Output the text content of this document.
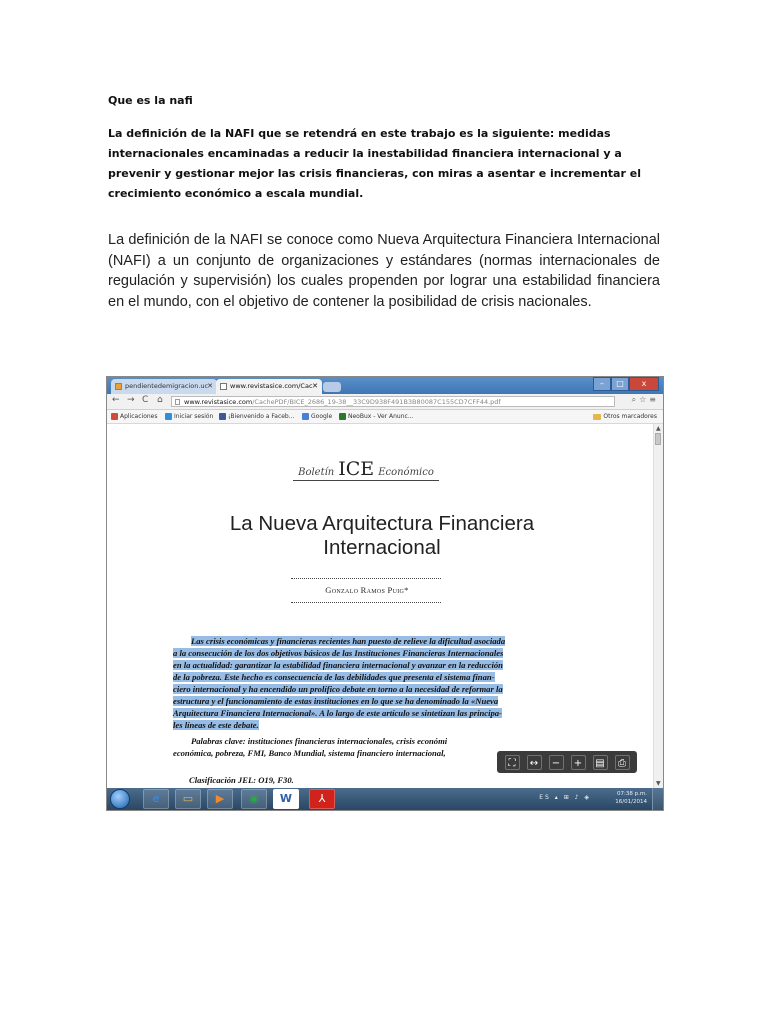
Que es la nafi
La definición de la NAFI que se retendrá en este trabajo es la siguiente: medidas internacionales encaminadas a reducir la inestabilidad financiera internacional y a prevenir y gestionar mejor las crisis financieras, con miras a asentar e incrementar el crecimiento económico a escala mundial.
La definición de la NAFI se conoce como Nueva Arquitectura Financiera Internacional (NAFI) a un conjunto de organizaciones y estándares (normas internacionales de regulación y supervisión) los cuales propenden por lograr una estabilidad financiera en el mundo, con el objetivo de contener la posibilidad de crisis nacionales.
pendientedemigracion.uc ✕	www.revistasice.com/Cac ✕	–	□	x
← → C ⌂	www.revistasice.com/CachePDF/BICE_2686_19-38__33C9D938F491B3B80087C155CD7CFF44.pdf	⌕☆≡
Aplicaciones	Iniciar sesión	¡Bienvenido a Faceb...	Google	NeoBux - Ver Anunc...	Otros marcadores
Boletín ICE Económico
La Nueva Arquitectura Financiera
Internacional
Gonzalo Ramos Puig*
Las crisis económicas y financieras recientes han puesto de relieve la dificultad asociada
a la consecución de los dos objetivos básicos de las Instituciones Financieras Internacionales
en la actualidad: garantizar la estabilidad financiera internacional y avanzar en la reducción
de la pobreza. Este hecho es consecuencia de las debilidades que presenta el sistema finan-
ciero internacional y ha encendido un prolífico debate en torno a la necesidad de reformar la
estructura y el funcionamiento de estas instituciones en lo que se ha denominado la «Nueva
Arquitectura Financiera Internacional». A lo largo de este artículo se sintetizan las principa-
les líneas de este debate.
Palabras clave: instituciones financieras internacionales, crisis económi
económica, pobreza, FMI, Banco Mundial, sistema financiero internacional,
Clasificación JEL: O19, F30.
⛶	↔	−	+	▤	⎙
▲
▼
e	▭	▶	◉	W	⅄	ES ▴ ⊞ ♪ ◈	07:38 p.m.
16/01/2014
